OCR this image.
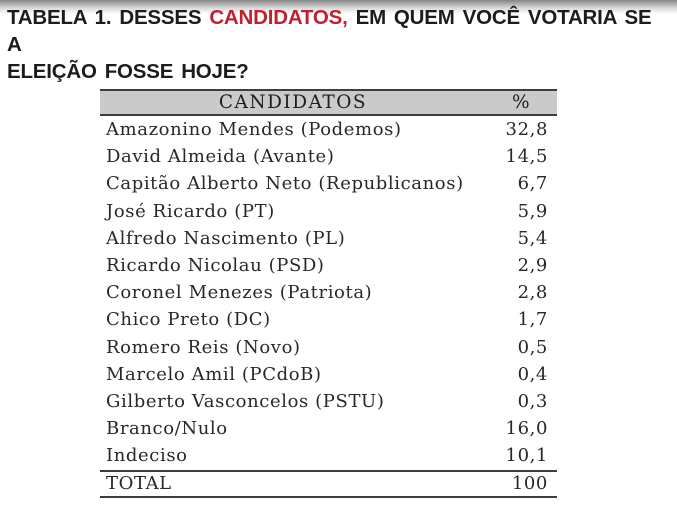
TABELA 1. DESSES CANDIDATOS, EM QUEM VOCÊ VOTARIA SE A
ELEIÇÃO FOSSE HOJE?
CANDIDATOS	%
Amazonino Mendes (Podemos)	32,8
David Almeida (Avante)	14,5
Capitão Alberto Neto (Republicanos)	6,7
José Ricardo (PT)	5,9
Alfredo Nascimento (PL)	5,4
Ricardo Nicolau (PSD)	2,9
Coronel Menezes (Patriota)	2,8
Chico Preto (DC)	1,7
Romero Reis (Novo)	0,5
Marcelo Amil (PCdoB)	0,4
Gilberto Vasconcelos (PSTU)	0,3
Branco/Nulo	16,0
Indeciso	10,1
TOTAL	100
